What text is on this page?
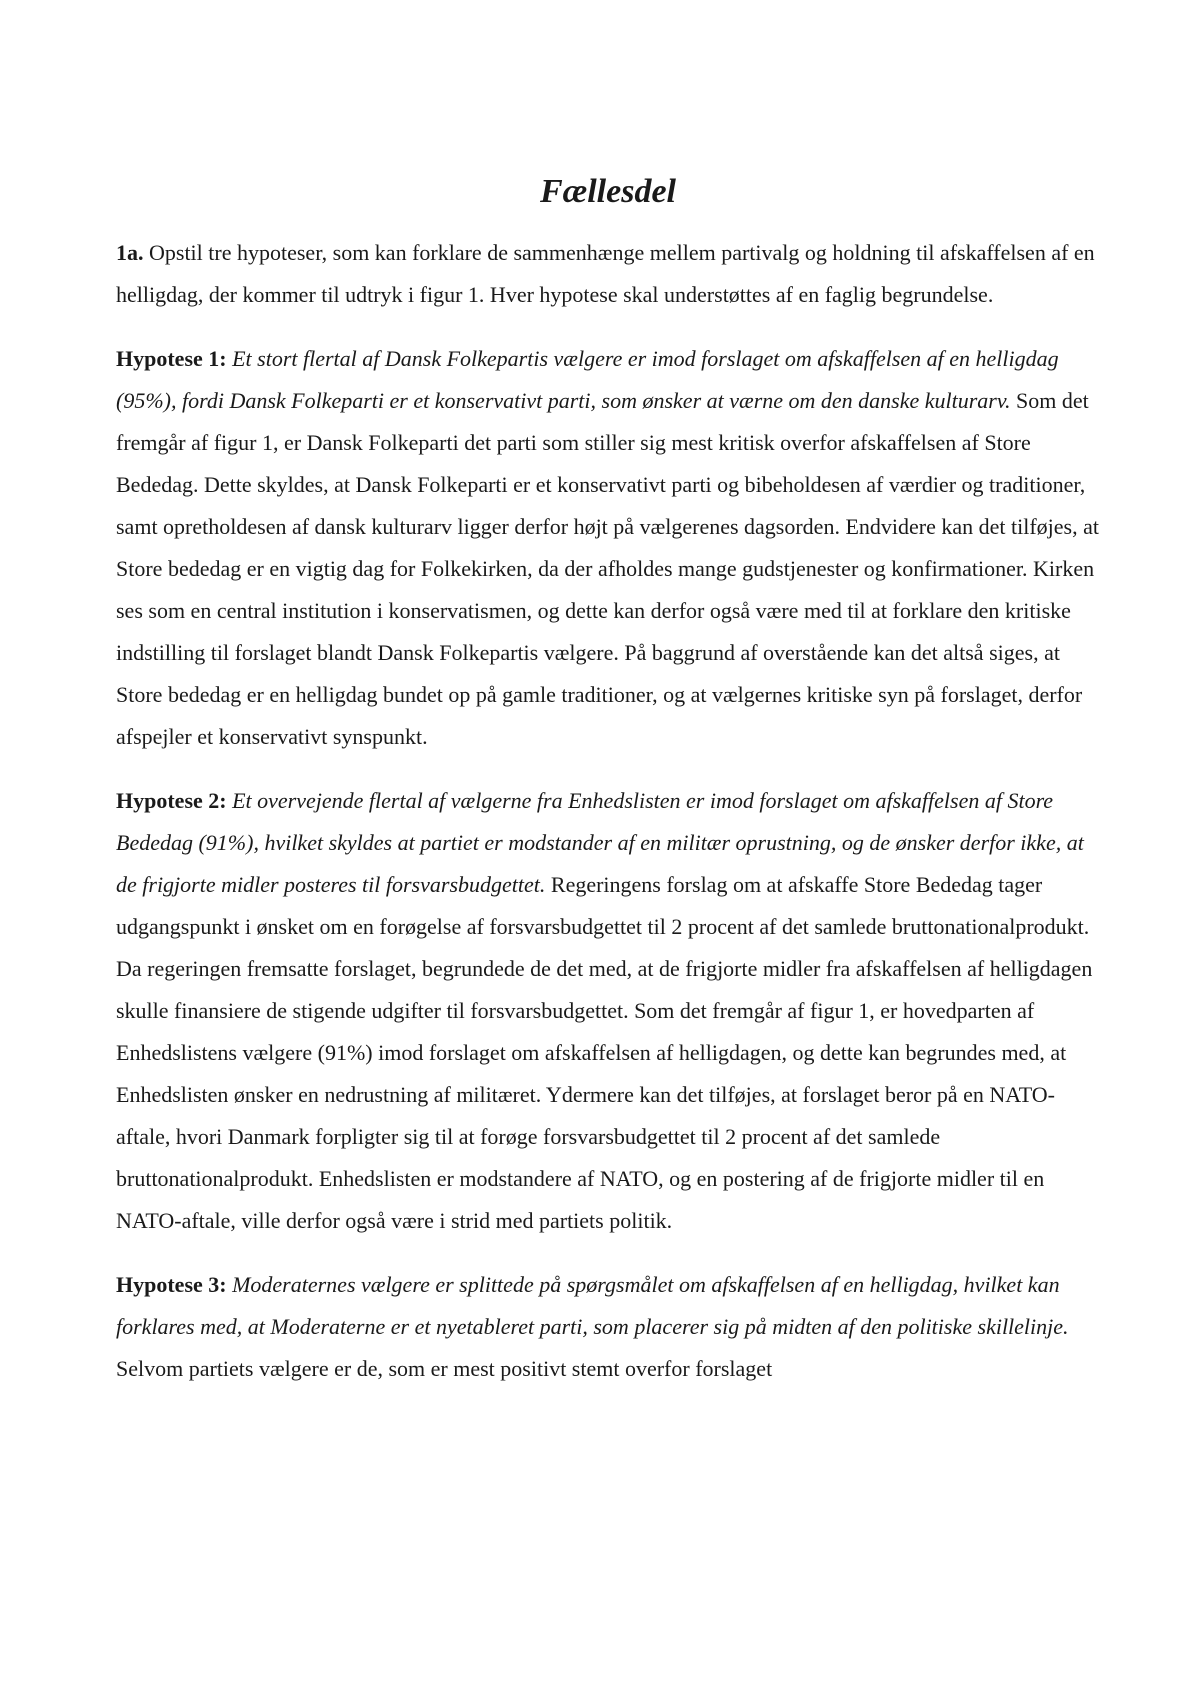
Fællesdel

1a. Opstil tre hypoteser, som kan forklare de sammenhænge mellem partivalg og holdning til afskaffelsen af en helligdag, der kommer til udtryk i figur 1. Hver hypotese skal understøttes af en faglig begrundelse.

Hypotese 1: Et stort flertal af Dansk Folkepartis vælgere er imod forslaget om afskaffelsen af en helligdag (95%), fordi Dansk Folkeparti er et konservativt parti, som ønsker at værne om den danske kulturarv. Som det fremgår af figur 1, er Dansk Folkeparti det parti som stiller sig mest kritisk overfor afskaffelsen af Store Bededag. Dette skyldes, at Dansk Folkeparti er et konservativt parti og bibeholdesen af værdier og traditioner, samt opretholdesen af dansk kulturarv ligger derfor højt på vælgerenes dagsorden. Endvidere kan det tilføjes, at Store bededag er en vigtig dag for Folkekirken, da der afholdes mange gudstjenester og konfirmationer. Kirken ses som en central institution i konservatismen, og dette kan derfor også være med til at forklare den kritiske indstilling til forslaget blandt Dansk Folkepartis vælgere. På baggrund af overstående kan det altså siges, at Store bededag er en helligdag bundet op på gamle traditioner, og at vælgernes kritiske syn på forslaget, derfor afspejler et konservativt synspunkt.

Hypotese 2: Et overvejende flertal af vælgerne fra Enhedslisten er imod forslaget om afskaffelsen af Store Bededag (91%), hvilket skyldes at partiet er modstander af en militær oprustning, og de ønsker derfor ikke, at de frigjorte midler posteres til forsvarsbudgettet. Regeringens forslag om at afskaffe Store Bededag tager udgangspunkt i ønsket om en forøgelse af forsvarsbudgettet til 2 procent af det samlede bruttonationalprodukt. Da regeringen fremsatte forslaget, begrundede de det med, at de frigjorte midler fra afskaffelsen af helligdagen skulle finansiere de stigende udgifter til forsvarsbudgettet. Som det fremgår af figur 1, er hovedparten af Enhedslistens vælgere (91%) imod forslaget om afskaffelsen af helligdagen, og dette kan begrundes med, at Enhedslisten ønsker en nedrustning af militæret. Ydermere kan det tilføjes, at forslaget beror på en NATO-aftale, hvori Danmark forpligter sig til at forøge forsvarsbudgettet til 2 procent af det samlede bruttonationalprodukt. Enhedslisten er modstandere af NATO, og en postering af de frigjorte midler til en NATO-aftale, ville derfor også være i strid med partiets politik.

Hypotese 3: Moderaternes vælgere er splittede på spørgsmålet om afskaffelsen af en helligdag, hvilket kan forklares med, at Moderaterne er et nyetableret parti, som placerer sig på midten af den politiske skillelinje. Selvom partiets vælgere er de, som er mest positivt stemt overfor forslaget
